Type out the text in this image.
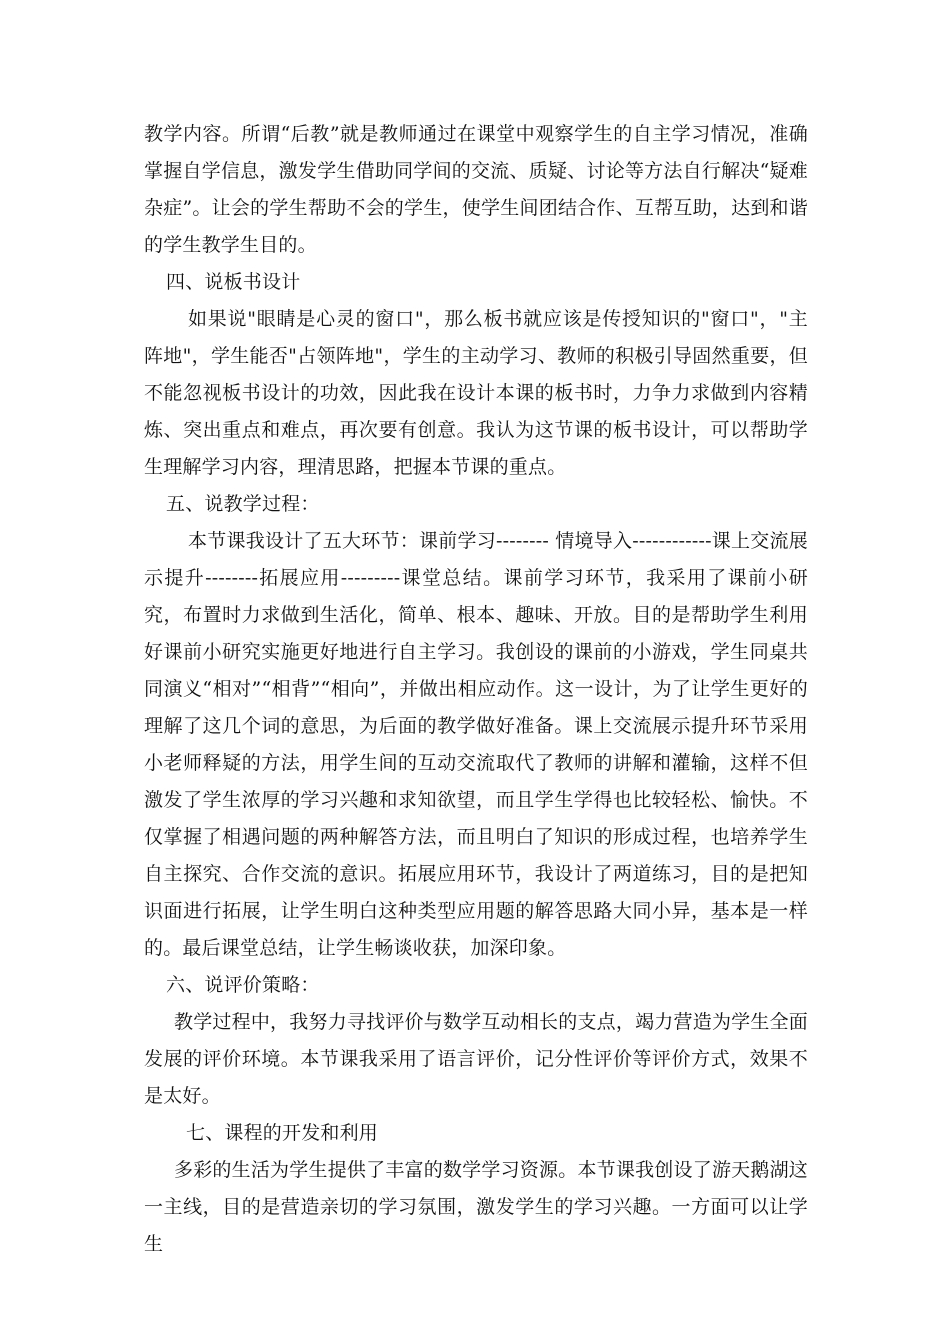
教学内容。所谓“后教”就是教师通过在课堂中观察学生的自主学习情况，准确掌握自学信息，激发学生借助同学间的交流、质疑、讨论等方法自行解决“疑难杂症”。让会的学生帮助不会的学生，使学生间团结合作、互帮互助，达到和谐的学生教学生目的。

四、说板书设计

如果说"眼睛是心灵的窗口"，那么板书就应该是传授知识的"窗口"，"主阵地"，学生能否"占领阵地"，学生的主动学习、教师的积极引导固然重要，但不能忽视板书设计的功效，因此我在设计本课的板书时，力争力求做到内容精炼、突出重点和难点，再次要有创意。我认为这节课的板书设计，可以帮助学生理解学习内容，理清思路，把握本节课的重点。

五、说教学过程：

本节课我设计了五大环节：课前学习-------- 情境导入------------课上交流展示提升--------拓展应用---------课堂总结。课前学习环节，我采用了课前小研究，布置时力求做到生活化，简单、根本、趣味、开放。目的是帮助学生利用好课前小研究实施更好地进行自主学习。我创设的课前的小游戏，学生同桌共同演义“相对”“相背”“相向”，并做出相应动作。这一设计，为了让学生更好的理解了这几个词的意思，为后面的教学做好准备。课上交流展示提升环节采用小老师释疑的方法，用学生间的互动交流取代了教师的讲解和灌输，这样不但激发了学生浓厚的学习兴趣和求知欲望，而且学生学得也比较轻松、愉快。不仅掌握了相遇问题的两种解答方法，而且明白了知识的形成过程，也培养学生自主探究、合作交流的意识。拓展应用环节，我设计了两道练习，目的是把知识面进行拓展，让学生明白这种类型应用题的解答思路大同小异，基本是一样的。最后课堂总结，让学生畅谈收获，加深印象。

六、说评价策略：

教学过程中，我努力寻找评价与数学互动相长的支点，竭力营造为学生全面发展的评价环境。本节课我采用了语言评价，记分性评价等评价方式，效果不是太好。

七、课程的开发和利用

多彩的生活为学生提供了丰富的数学学习资源。本节课我创设了游天鹅湖这一主线，目的是营造亲切的学习氛围，激发学生的学习兴趣。一方面可以让学生
